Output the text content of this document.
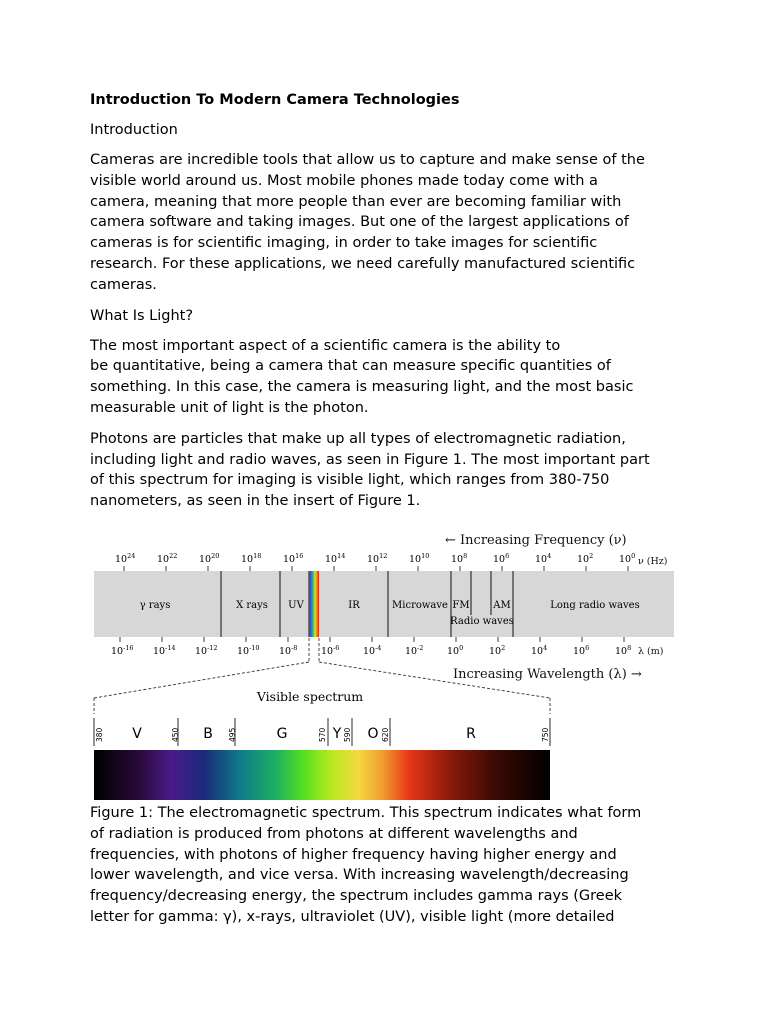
Introduction To Modern Camera Technologies
Introduction
Cameras are incredible tools that allow us to capture and make sense of the
visible world around us. Most mobile phones made today come with a
camera, meaning that more people than ever are becoming familiar with
camera software and taking images. But one of the largest applications of
cameras is for scientific imaging, in order to take images for scientific
research. For these applications, we need carefully manufactured scientific
cameras.
What Is Light?
The most important aspect of a scientific camera is the ability to
be quantitative, being a camera that can measure specific quantities of
something. In this case, the camera is measuring light, and the most basic
measurable unit of light is the photon.
Photons are particles that make up all types of electromagnetic radiation,
including light and radio waves, as seen in Figure 1. The most important part
of this spectrum for imaging is visible light, which ranges from 380-750
nanometers, as seen in the insert of Figure 1.
← Increasing Frequency (ν)
$10^{24}$ $10^{22}$ $10^{20}$ $10^{18}$ $10^{16}$ $10^{14}$ $10^{12}$ $10^{10}$ $10^8$	$10^6$	$10^4$	$10^2$	$10^0$ ν (Hz)
γ rays	X rays UV	IR	Microwave FM AM
Radio waves
Long radio waves
$10^{-16}$ $10^{-14}$ $10^{-12}$ $10^{-10}$ $10^{-8}$ $10^{-6}$ $10^{-4}$ $10^{-2}$ $10^0$	$10^2$	$10^4$	$10^6$	$10^8$ λ (m)
Increasing Wavelength (λ) →
Visible spectrum
380	450	495	570 590	620	750
V	B	G	Y O	R
Figure 1: The electromagnetic spectrum. This spectrum indicates what form
of radiation is produced from photons at different wavelengths and
frequencies, with photons of higher frequency having higher energy and
lower wavelength, and vice versa. With increasing wavelength/decreasing
frequency/decreasing energy, the spectrum includes gamma rays (Greek
letter for gamma: γ), x-rays, ultraviolet (UV), visible light (more detailed
